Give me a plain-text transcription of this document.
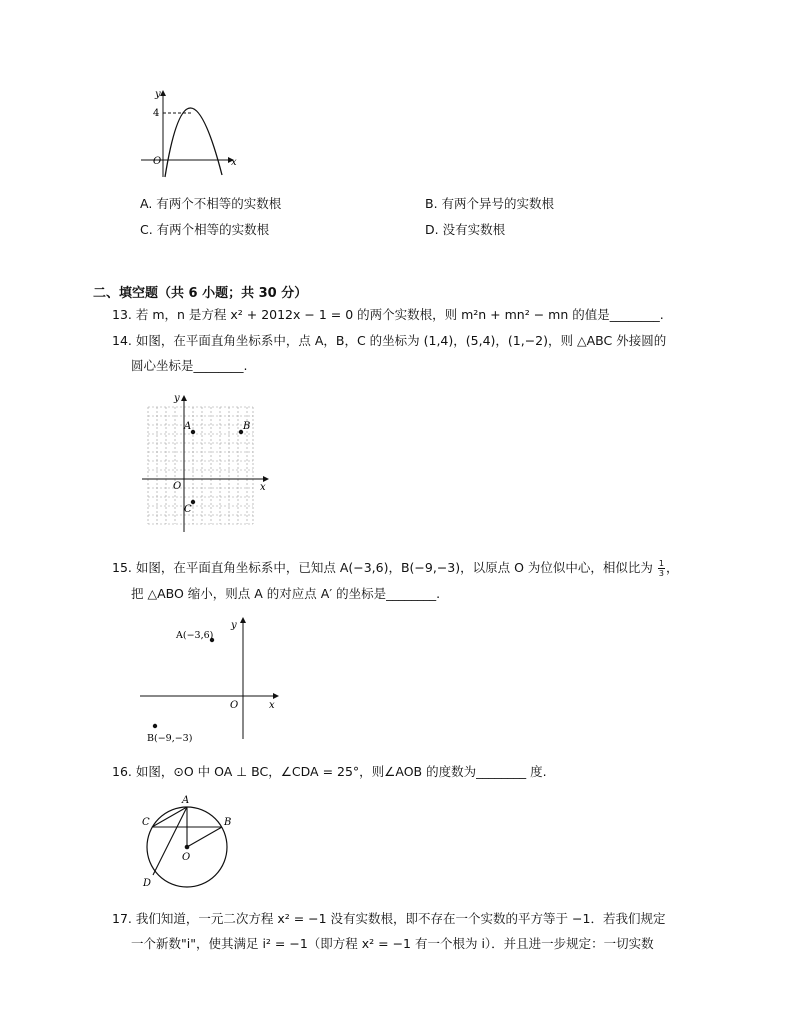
y
x
O
4
A. 有两个不相等的实数根	B. 有两个异号的实数根
C. 有两个相等的实数根	D. 没有实数根
二、填空题（共 6 小题；共 30 分）
13. 若 m，n 是方程 x² + 2012x − 1 = 0 的两个实数根，则 m²n + mn² − mn 的值是________.
14. 如图，在平面直角坐标系中，点 A，B，C 的坐标为 (1,4)，(5,4)，(1,−2)，则 △ABC 外接圆的
圆心坐标是________.
y
x
O
A	B
C
15. 如图，在平面直角坐标系中，已知点 A(−3,6)，B(−9,−3)，以原点 O 为位似中心，相似比为 $\frac{1}{3}$ ，
把 △ABO 缩小，则点 A 的对应点 A′ 的坐标是________.
y
x
O
A(−3,6)
B(−9,−3)
16. 如图，⊙O 中 OA ⊥ BC，∠CDA = 25°，则∠AOB 的度数为________ 度.
A
B
C
D
O
17. 我们知道，一元二次方程 x² = −1 没有实数根，即不存在一个实数的平方等于 −1．若我们规定
一个新数"i"，使其满足 i² = −1（即方程 x² = −1 有一个根为 i）．并且进一步规定：一切实数
